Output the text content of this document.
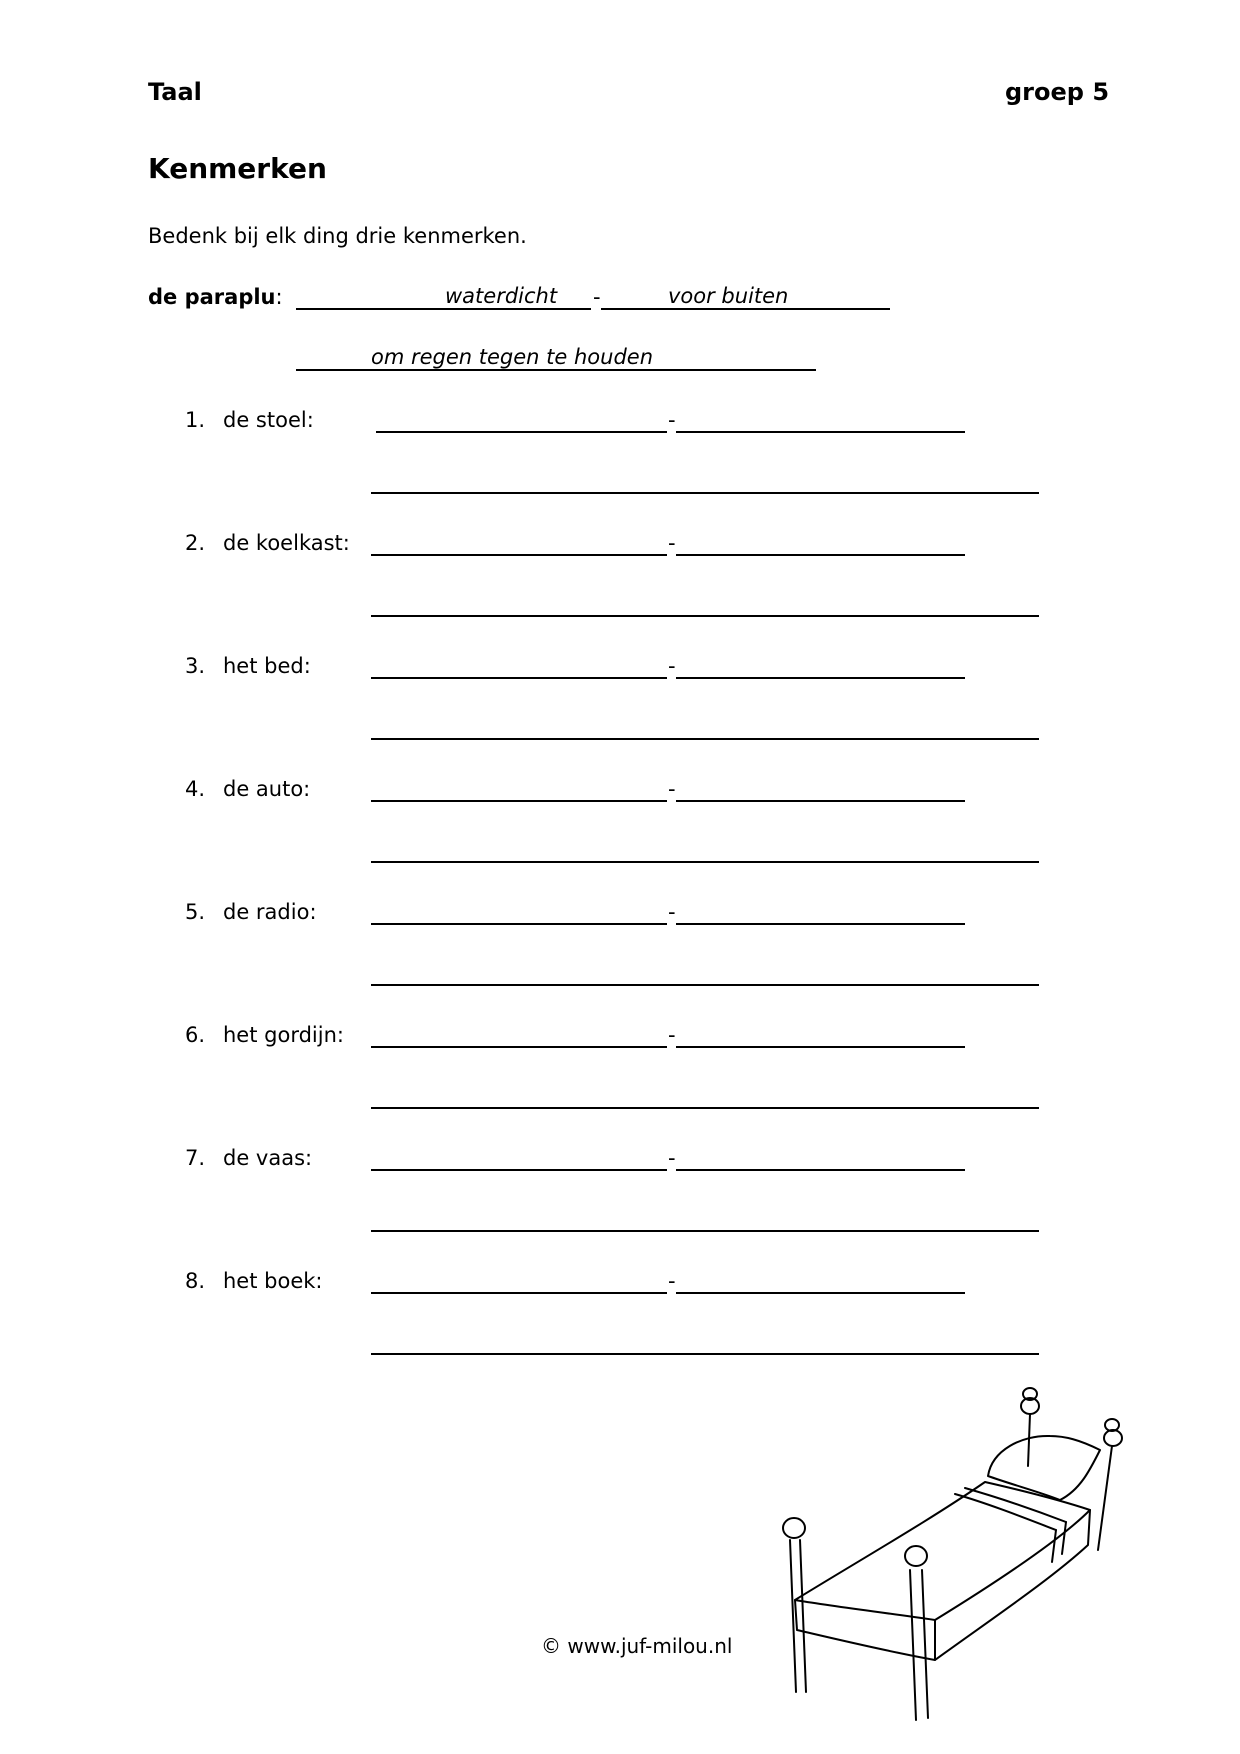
Taal	groep 5
Kenmerken
Bedenk bij elk ding drie kenmerken.
de paraplu:	waterdicht -	voor buiten
om regen tegen te houden
1. de stoel:	-
2. de koelkast:	-
3. het bed:	-
4. de auto:	-
5. de radio:	-
6. het gordijn:	-
7. de vaas:	-
8. het boek:	-
© www.juf-milou.nl
